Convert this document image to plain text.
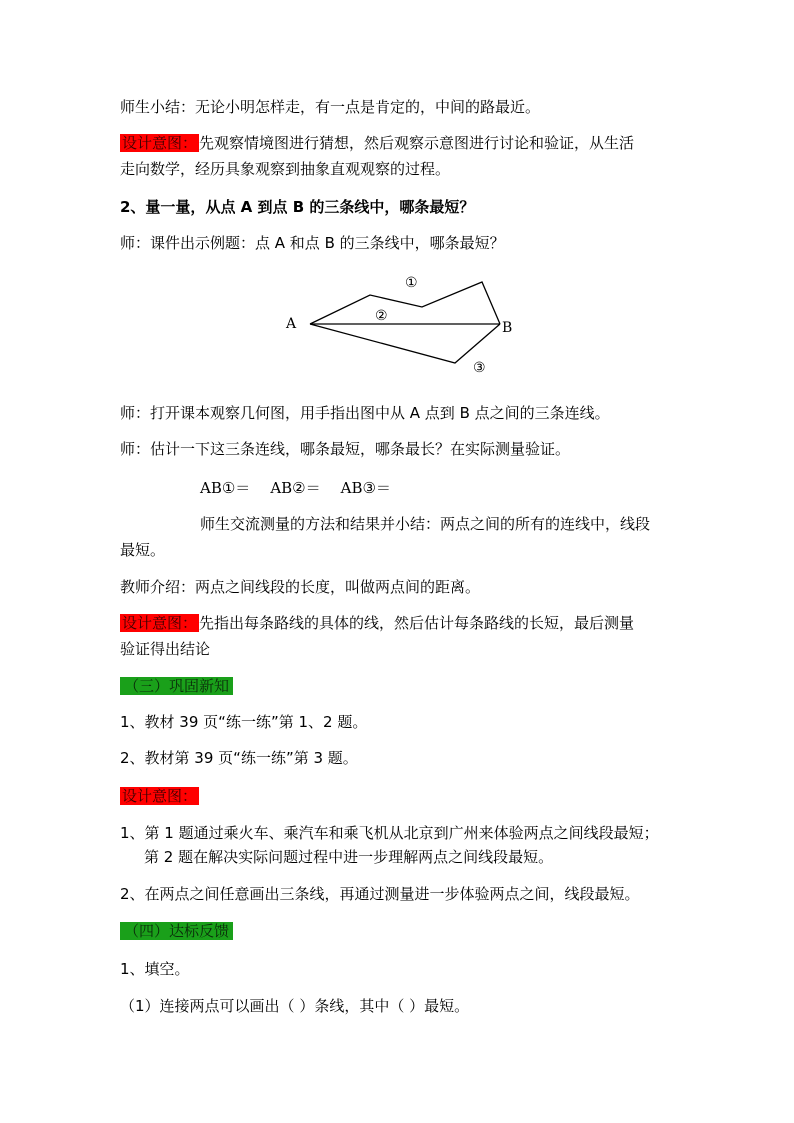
师生小结：无论小明怎样走，有一点是肯定的，中间的路最近。
设计意图： 先观察情境图进行猜想，然后观察示意图进行讨论和验证，从生活
走向数学，经历具象观察到抽象直观观察的过程。
2、量一量，从点 A 到点 B 的三条线中，哪条最短？
师：课件出示例题：点 A 和点 B 的三条线中，哪条最短？
A	B
①
②
③
师：打开课本观察几何图，用手指出图中从 A 点到 B 点之间的三条连线。
师：估计一下这三条连线，哪条最短，哪条最长？在实际测量验证。
AB①＝ AB②＝ AB③＝
师生交流测量的方法和结果并小结：两点之间的所有的连线中，线段
最短。
教师介绍：两点之间线段的长度，叫做两点间的距离。
设计意图： 先指出每条路线的具体的线，然后估计每条路线的长短，最后测量
验证得出结论
（三）巩固新知
1、教材 39 页“练一练”第 1、2 题。
2、教材第 39 页“练一练”第 3 题。
设计意图：
1、第 1 题通过乘火车、乘汽车和乘飞机从北京到广州来体验两点之间线段最短；
第 2 题在解决实际问题过程中进一步理解两点之间线段最短。
2、在两点之间任意画出三条线，再通过测量进一步体验两点之间，线段最短。
（四）达标反馈
1、填空。
（1）连接两点可以画出（ ）条线，其中（ ）最短。
